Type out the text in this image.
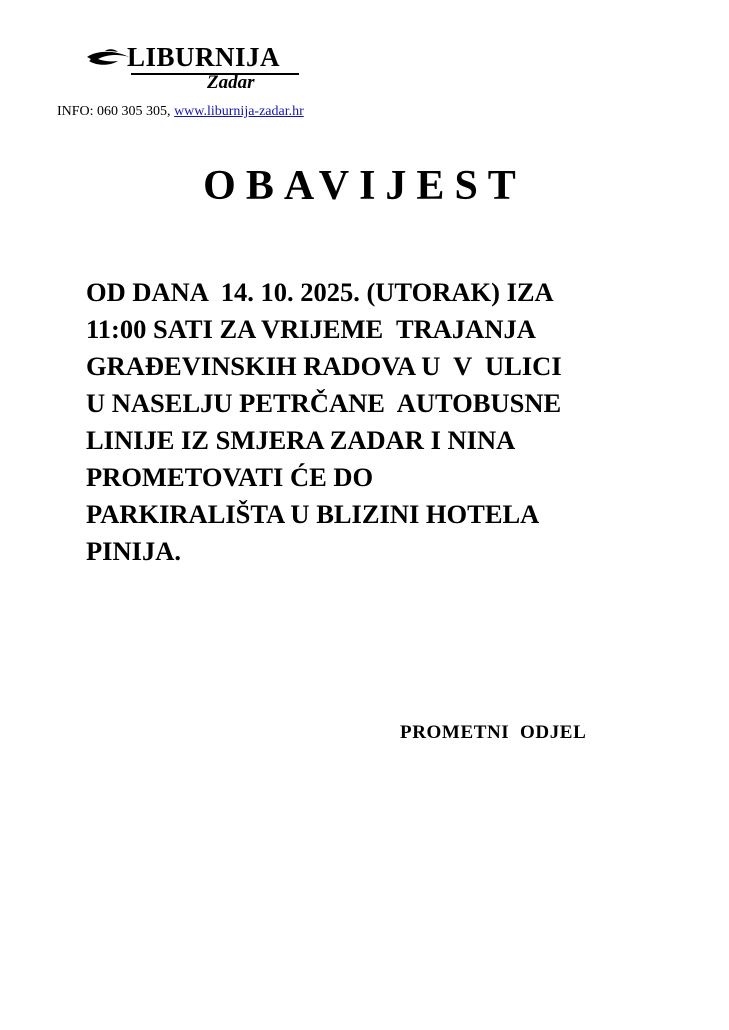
LIBURNIJA
Zadar
INFO: 060 305 305, www.liburnija-zadar.hr
OBAVIJEST
OD DANA  14. 10. 2025. (UTORAK) IZA
11:00 SATI ZA VRIJEME  TRAJANJA
GRAĐEVINSKIH RADOVA U  V  ULICI
U NASELJU PETRČANE  AUTOBUSNE
LINIJE IZ SMJERA ZADAR I NINA
PROMETOVATI ĆE DO
PARKIRALIŠTA U BLIZINI HOTELA
PINIJA.
PROMETNI  ODJEL
